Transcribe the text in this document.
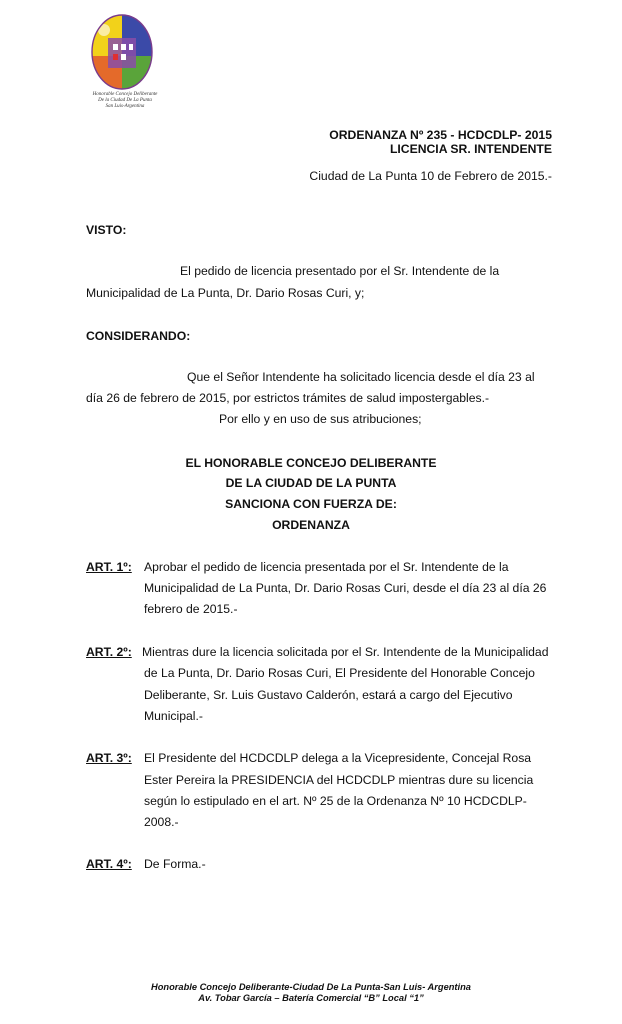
Honorable Concejo Deliberante
De la Ciudad De La Punta
San Luis-Argentina
ORDENANZA Nº 235 - HCDCDLP- 2015
LICENCIA SR. INTENDENTE
Ciudad de La Punta 10 de Febrero de 2015.-
VISTO:
El pedido de licencia presentado por el Sr. Intendente de la
Municipalidad de La Punta, Dr. Dario Rosas Curi, y;
CONSIDERANDO:
Que el Señor Intendente ha solicitado licencia desde el día 23 al
día 26 de febrero de 2015, por estrictos trámites de salud impostergables.-
Por ello y en uso de sus atribuciones;
EL HONORABLE CONCEJO DELIBERANTE
DE LA CIUDAD DE LA PUNTA
SANCIONA CON FUERZA DE:
ORDENANZA
ART. 1º: Aprobar el pedido de licencia presentada por el Sr. Intendente de la
Municipalidad de La Punta, Dr. Dario Rosas Curi, desde el día 23 al día 26
febrero de 2015.-
ART. 2º: Mientras dure la licencia solicitada por el Sr. Intendente de la Municipalidad
de La Punta, Dr. Dario Rosas Curi, El Presidente del Honorable Concejo
Deliberante, Sr. Luis Gustavo Calderón, estará a cargo del Ejecutivo
Municipal.-
ART. 3º: El Presidente del HCDCDLP delega a la Vicepresidente, Concejal Rosa
Ester Pereira la PRESIDENCIA del HCDCDLP mientras dure su licencia
según lo estipulado en el art. Nº 25 de la Ordenanza Nº 10 HCDCDLP-
2008.-
ART. 4º: De Forma.-
Honorable Concejo Deliberante-Ciudad De La Punta-San Luis- Argentina
Av. Tobar García – Batería Comercial “B” Local “1”
